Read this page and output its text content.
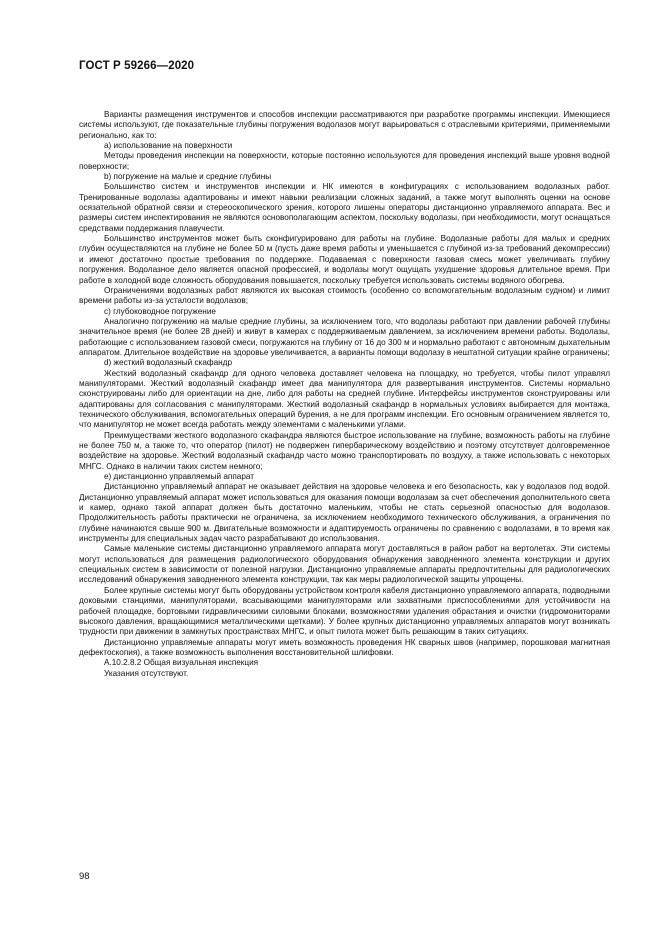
ГОСТ Р 59266—2020

Варианты размещения инструментов и способов инспекции рассматриваются при разработке программы инспекции. Имеющиеся системы используют, где показательные глубины погружения водолазов могут варьироваться с отраслевыми критериями, применяемыми регионально, как то:

а) использование на поверхности

Методы проведения инспекции на поверхности, которые постоянно используются для проведения инспекций выше уровня водной поверхности;

b) погружение на малые и средние глубины

Большинство систем и инструментов инспекции и НК имеются в конфигурациях с использованием водолазных работ. Тренированные водолазы адаптированы и имеют навыки реализации сложных заданий, а также могут выполнять оценки на основе осязательной обратной связи и стереоскопического зрения, которого лишены операторы дистанционно управляемого аппарата. Вес и размеры систем инспектирования не являются основополагающим аспектом, поскольку водолазы, при необходимости, могут оснащаться средствами поддержания плавучести.

Большинство инструментов может быть сконфигурировано для работы на глубине. Водолазные работы для малых и средних глубин осуществляются на глубине не более 50 м (пусть даже время работы и уменьшается с глубиной из-за требований декомпрессии) и имеют достаточно простые требования по поддержке. Подаваемая с поверхности газовая смесь может увеличивать глубину погружения. Водолазное дело является опасной профессией, и водолазы могут ощущать ухудшение здоровья длительное время. При работе в холодной воде сложность оборудования повышается, поскольку требуется использовать системы водяного обогрева.

Ограничениями водолазных работ являются их высокая стоимость (особенно со вспомогательным водолазным судном) и лимит времени работы из-за усталости водолазов;

с) глубоководное погружение

Аналогично погружению на малые средние глубины, за исключением того, что водолазы работают при давлении рабочей глубины значительное время (не более 28 дней) и живут в камерах с поддерживаемым давлением, за исключением времени работы. Водолазы, работающие с использованием газовой смеси, погружаются на глубину от 16 до 300 м и нормально работают с автономным дыхательным аппаратом. Длительное воздействие на здоровье увеличивается, а варианты помощи водолазу в нештатной ситуации крайне ограничены;

d) жесткий водолазный скафандр

Жесткий водолазный скафандр для одного человека доставляет человека на площадку, но требуется, чтобы пилот управлял манипуляторами. Жесткий водолазный скафандр имеет два манипулятора для развертывания инструментов. Системы нормально сконструированы либо для ориентации на дне, либо для работы на средней глубине. Интерфейсы инструментов сконструированы или адаптированы для согласования с манипуляторами. Жесткий водолазный скафандр в нормальных условиях выбирается для монтажа, технического обслуживания, вспомогательных операций бурения, а не для программ инспекции. Его основным ограничением является то, что манипулятор не может всегда работать между элементами с маленькими углами.

Преимуществами жесткого водолазного скафандра являются быстрое использование на глубине, возможность работы на глубине не более 750 м, а также то, что оператор (пилот) не подвержен гипербарическому воздействию и поэтому отсутствует долговременное воздействие на здоровье. Жесткий водолазный скафандр часто можно транспортировать по воздуху, а также использовать с некоторых МНГС. Однако в наличии таких систем немного;

е) дистанционно управляемый аппарат

Дистанционно управляемый аппарат не оказывает действия на здоровье человека и его безопасность, как у водолазов под водой. Дистанционно управляемый аппарат может использоваться для оказания помощи водолазам за счет обеспечения дополнительного света и камер, однако такой аппарат должен быть достаточно маленьким, чтобы не стать серьезной опасностью для водолазов. Продолжительность работы практически не ограничена, за исключением необходимого технического обслуживания, а ограничения по глубине начинаются свыше 900 м. Двигательные возможности и адаптируемость ограничены по сравнению с водолазами, в то время как инструменты для специальных задач часто разрабатывают до использования.

Самые маленькие системы дистанционно управляемого аппарата могут доставляться в район работ на вертолетах. Эти системы могут использоваться для размещения радиологического оборудования обнаружения заводненного элемента конструкции и других специальных систем в зависимости от полезной нагрузки. Дистанционно управляемые аппараты предпочтительны для радиологических исследований обнаружения заводненного элемента конструкции, так как меры радиологической защиты упрощены.

Более крупные системы могут быть оборудованы устройством контроля кабеля дистанционно управляемого аппарата, подводными доковыми станциями, манипуляторами, всасывающими манипуляторами или захватными приспособлениями для устойчивости на рабочей площадке, бортовыми гидравлическими силовыми блоками, возможностями удаления обрастания и очистки (гидромониторами высокого давления, вращающимися металлическими щетками). У более крупных дистанционно управляемых аппаратов могут возникать трудности при движении в замкнутых пространствах МНГС, и опыт пилота может быть решающим в таких ситуациях.

Дистанционно управляемые аппараты могут иметь возможность проведения НК сварных швов (например, порошковая магнитная дефектоскопия), а также возможность выполнения восстановительной шлифовки.

А.10.2.8.2 Общая визуальная инспекция

Указания отсутствуют.

98
